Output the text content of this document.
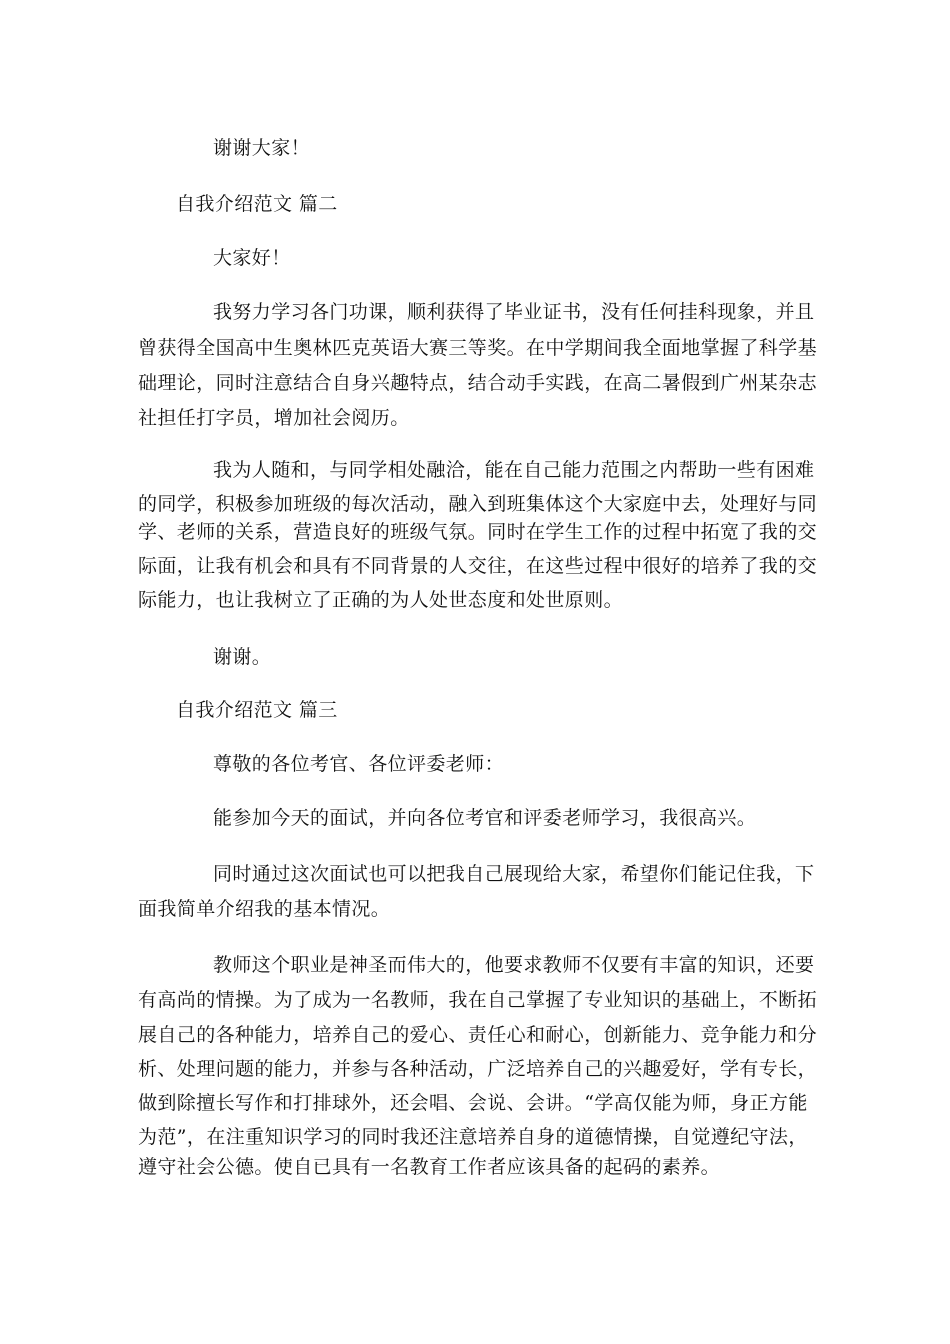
谢谢大家！
自我介绍范文 篇二
大家好！
我努力学习各门功课，顺利获得了毕业证书，没有任何挂科现象，并且
曾获得全国高中生奥林匹克英语大赛三等奖。在中学期间我全面地掌握了科学基
础理论，同时注意结合自身兴趣特点，结合动手实践，在高二暑假到广州某杂志
社担任打字员，增加社会阅历。
我为人随和，与同学相处融洽，能在自己能力范围之内帮助一些有困难
的同学，积极参加班级的每次活动，融入到班集体这个大家庭中去，处理好与同
学、老师的关系，营造良好的班级气氛。同时在学生工作的过程中拓宽了我的交
际面，让我有机会和具有不同背景的人交往，在这些过程中很好的培养了我的交
际能力，也让我树立了正确的为人处世态度和处世原则。
谢谢。
自我介绍范文 篇三
尊敬的各位考官、各位评委老师：
能参加今天的面试，并向各位考官和评委老师学习，我很高兴。
同时通过这次面试也可以把我自己展现给大家，希望你们能记住我，下
面我简单介绍我的基本情况。
教师这个职业是神圣而伟大的，他要求教师不仅要有丰富的知识，还要
有高尚的情操。为了成为一名教师，我在自己掌握了专业知识的基础上，不断拓
展自己的各种能力，培养自己的爱心、责任心和耐心，创新能力、竞争能力和分
析、处理问题的能力，并参与各种活动，广泛培养自己的兴趣爱好，学有专长，
做到除擅长写作和打排球外，还会唱、会说、会讲。“学高仅能为师，身正方能
为范”，在注重知识学习的同时我还注意培养自身的道德情操，自觉遵纪守法，
遵守社会公德。使自已具有一名教育工作者应该具备的起码的素养。
